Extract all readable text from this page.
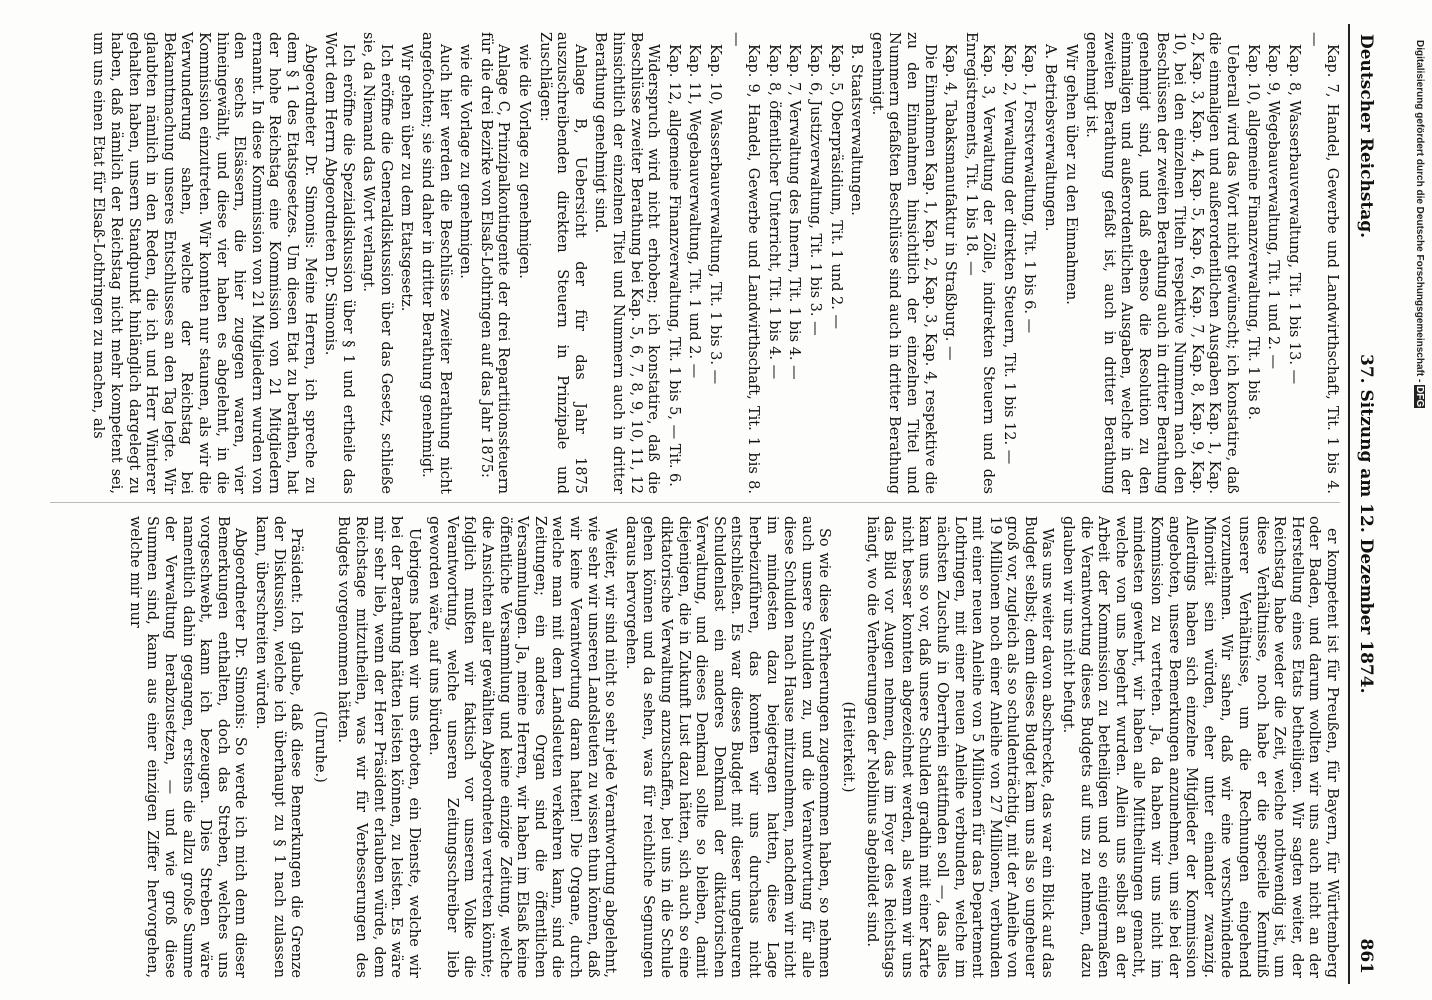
Deutscher Reichstag.
37. Sitzung am 12. Dezember 1874.
861

Kap. 7, Handel, Gewerbe und Landwirthschaft, Tit. 1 bis 4. —

Kap. 8, Wasserbauverwaltung, Tit. 1 bis 13. —

Kap. 9, Wegebauverwaltung, Tit. 1 und 2. —

Kap. 10, allgemeine Finanzverwaltung, Tit. 1 bis 8.

Ueberall wird das Wort nicht gewünscht; ich konstatire, daß die einmaligen und außerordentlichen Ausgaben Kap. 1, Kap. 2, Kap. 3, Kap. 4, Kap. 5, Kap. 6, Kap. 7, Kap. 8, Kap. 9, Kap. 10, bei den einzelnen Titeln respektive Nummern nach den Beschlüssen der zweiten Berathung auch in dritter Berathung genehmigt sind, und daß ebenso die Resolution zu den einmaligen und außerordentlichen Ausgaben, welche in der zweiten Berathung gefaßt ist, auch in dritter Berathung genehmigt ist.

Wir gehen über zu den Einnahmen.

A. Betriebsverwaltungen.

Kap. 1, Forstverwaltung, Tit. 1 bis 6. —

Kap. 2, Verwaltung der direkten Steuern, Tit. 1 bis 12. —

Kap. 3, Verwaltung der Zölle, indirekten Steuern und des Enregistrements, Tit. 1 bis 18. —

Kap. 4, Tabaksmanufaktur in Straßburg. —

Die Einnahmen Kap. 1, Kap. 2, Kap. 3, Kap. 4, respektive die zu den Einnahmen hinsichtlich der einzelnen Titel und Nummern gefaßten Beschlüsse sind auch in dritter Berathung genehmigt.

B. Staatsverwaltungen.

Kap. 5, Oberpräsidium, Tit. 1 und 2. —

Kap. 6, Justizverwaltung, Tit. 1 bis 3. —

Kap. 7, Verwaltung des Innern, Tit. 1 bis 4. —

Kap. 8, öffentlicher Unterricht, Tit. 1 bis 4. —

Kap. 9, Handel, Gewerbe und Landwirthschaft, Tit. 1 bis 8. —

Kap. 10, Wasserbauverwaltung, Tit. 1 bis 3. —

Kap. 11, Wegebauverwaltung, Tit. 1 und 2. —

Kap. 12, allgemeine Finanzverwaltung, Tit. 1 bis 5, — Tit. 6.

Widerspruch wird nicht erhoben; ich konstatire, daß die Beschlüsse zweiter Berathung bei Kap. 5, 6, 7, 8, 9, 10, 11, 12 hinsichtlich der einzelnen Titel und Nummern auch in dritter Berathung genehmigt sind.

Anlage B, Uebersicht der für das Jahr 1875 auszuschreibenden direkten Steuern in Prinzipale und Zuschlägen:

wie die Vorlage zu genehmigen.

Anlage C, Prinzipalkontingente der drei Repartitionssteuern für die drei Bezirke von Elsaß-Lothringen auf das Jahr 1875:

wie die Vorlage zu genehmigen.

Auch hier werden die Beschlüsse zweiter Berathung nicht angefochten; sie sind daher in dritter Berathung genehmigt.

Wir gehen über zu dem Etatsgesetz.

Ich eröffne die Generaldiskussion über das Gesetz, schließe sie, da Niemand das Wort verlangt.

Ich eröffne die Spezialdiskussion über § 1 und ertheile das Wort dem Herrn Abgeordneten Dr. Simonis.

Abgeordneter Dr. Simonis: Meine Herren, ich spreche zu dem § 1 des Etatsgesetzes. Um diesen Etat zu berathen, hat der hohe Reichstag eine Kommission von 21 Mitgliedern ernannt. In diese Kommission von 21 Mitgliedern wurden von den sechs Elsässern, die hier zugegen waren, vier hineingewählt, und diese vier haben es abgelehnt, in die Kommission einzutreten. Wir konnten nur staunen, als wir die Verwunderung sahen, welche der Reichstag bei Bekanntmachung unseres Entschlusses an den Tag legte. Wir glaubten nämlich in den Reden, die ich und Herr Winterer gehalten haben, unsern Standpunkt hinlänglich dargelegt zu haben, daß nämlich der Reichstag nicht mehr kompetent sei, um uns einen Etat für Elsaß-Lothringen zu machen, als

er kompetent ist für Preußen, für Bayern, für Württemberg oder Baden, und darum wollten wir uns auch nicht an der Herstellung eines Etats betheiligen. Wir sagten weiter, der Reichstag habe weder die Zeit, welche nothwendig ist, um diese Verhältnisse, noch habe er die specielle Kenntniß unserer Verhältnisse, um die Rechnungen eingehend vorzunehmen. Wir sahen, daß wir eine verschwindende Minorität sein würden, eher unter einander zwanzig. Allerdings haben sich einzelne Mitglieder der Kommission angeboten, unsere Bemerkungen anzunehmen, um sie bei der Kommission zu vertreten. Ja, da haben wir uns nicht im mindesten gewehrt, wir haben alle Mittheilungen gemacht, welche von uns begehrt wurden. Allein uns selbst an der Arbeit der Kommission zu betheiligen und so einigermaßen die Verantwortung dieses Budgets auf uns zu nehmen, dazu glauben wir uns nicht befugt.

Was uns weiter davon abschreckte, das war ein Blick auf das Budget selbst; denn dieses Budget kam uns als so ungeheuer groß vor, zugleich als so schuldenträchtig, mit der Anleihe von 19 Millionen noch einer Anleihe von 27 Millionen, verbunden mit einer neuen Anleihe von 5 Millionen für das Departement Lothringen, mit einer neuen Anleihe verbunden, welche im nächsten Zuschuß in Oberrhein stattfinden soll —, das alles kam uns so vor, daß unsere Schulden gradhin mit einer Karte nicht besser konnten abgezeichnet werden, als wenn wir uns das Bild vor Augen nehmen, das im Foyer des Reichstags hängt, wo die Verheerungen der Neblinus abgebildet sind.

(Heiterkeit.)

So wie diese Verheerungen zugenommen haben, so nehmen auch unsere Schulden zu, und die Verantwortung für alle diese Schulden nach Hause mitzunehmen, nachdem wir nicht im mindesten dazu beigetragen hatten, diese Lage herbeizuführen, das konnten wir uns durchaus nicht entschließen. Es war dieses Budget mit dieser ungeheuren Schuldenlast ein anderes Denkmal der diktatorischen Verwaltung, und dieses Denkmal sollte so bleiben, damit diejenigen, die in Zukunft Lust dazu hätten, sich auch so eine diktatorische Verwaltung anzuschaffen, bei uns in die Schule gehen können und da sehen, was für reichliche Segnungen daraus hervorgehen.

Weiter, wir sind nicht so sehr jede Verantwortung abgelehnt, wie sehr wir unseren Landsleuten zu wissen thun können, daß wir keine Verantwortung daran hatten! Die Organe, durch welche man mit dem Landsleuten verkehren kann, sind die Zeitungen; ein anderes Organ sind die öffentlichen Versammlungen. Ja, meine Herren, wir haben im Elsaß keine öffentliche Versammlung und keine einzige Zeitung, welche die Ansichten aller gewählten Abgeordneten vertreten könnte; folglich mußten wir faktisch vor unserem Volke die Verantwortung, welche unseren Zeitungsschreiber lieb geworden wäre, auf uns bürden.

Uebrigens haben wir uns erboten, ein Dienste, welche wir bei der Berathung hätten leisten können, zu leisten. Es wäre mir sehr lieb, wenn der Herr Präsident erlauben würde, dem Reichstage mitzutheilen, was wir für Verbesserungen des Budgets vorgenommen hätten.

(Unruhe.)

Präsident: Ich glaube, daß diese Bemerkungen die Grenze der Diskussion, welche ich überhaupt zu § 1 nach zulassen kann, überschreiten würden.

Abgeordneter Dr. Simonis: So werde ich mich denn dieser Bemerkungen enthalten, doch das Streben, welches uns vorgeschwebt, kann ich bezeugen. Dies Streben wäre namentlich dahin gegangen, erstens die allzu große Summe der Verwaltung herabzusetzen, — und wie groß diese Summen sind, kann aus einer einzigen Ziffer hervorgehen, welche mir nur

Digitalisierung gefördert durch die Deutsche Forschungsgemeinschaft - DFG
